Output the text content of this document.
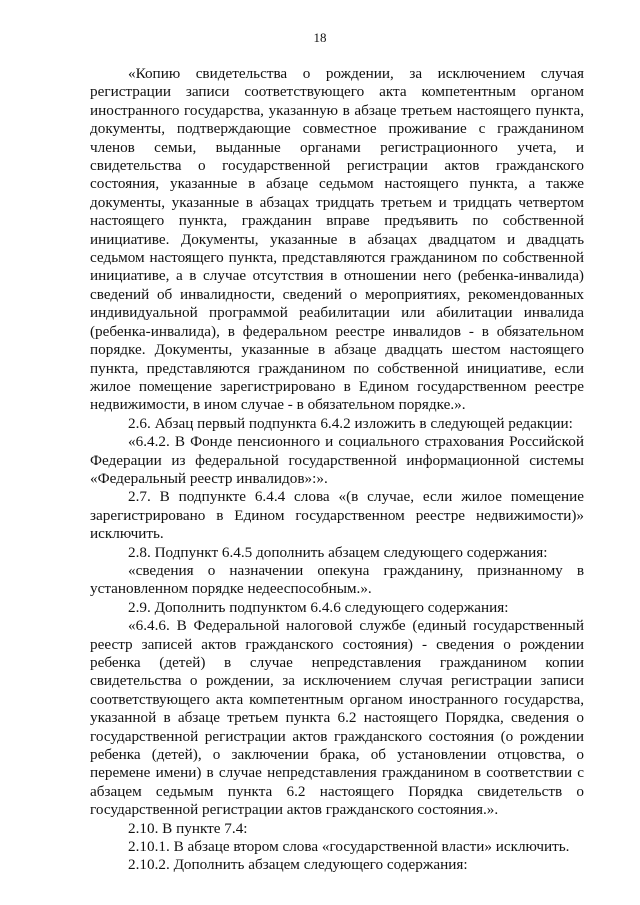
18

«Копию свидетельства о рождении, за исключением случая регистрации записи соответствующего акта компетентным органом иностранного государства, указанную в абзаце третьем настоящего пункта, документы, подтверждающие совместное проживание с гражданином членов семьи, выданные органами регистрационного учета, и свидетельства о государственной регистрации актов гражданского состояния, указанные в абзаце седьмом настоящего пункта, а также документы, указанные в абзацах тридцать третьем и тридцать четвертом настоящего пункта, гражданин вправе предъявить по собственной инициативе. Документы, указанные в абзацах двадцатом и двадцать седьмом настоящего пункта, представляются гражданином по собственной инициативе, а в случае отсутствия в отношении него (ребенка-инвалида) сведений об инвалидности, сведений о мероприятиях, рекомендованных индивидуальной программой реабилитации или абилитации инвалида (ребенка-инвалида), в федеральном реестре инвалидов - в обязательном порядке. Документы, указанные в абзаце двадцать шестом настоящего пункта, представляются гражданином по собственной инициативе, если жилое помещение зарегистрировано в Едином государственном реестре недвижимости, в ином случае - в обязательном порядке.».

2.6. Абзац первый подпункта 6.4.2 изложить в следующей редакции:

«6.4.2. В Фонде пенсионного и социального страхования Российской Федерации из федеральной государственной информационной системы «Федеральный реестр инвалидов»:».

2.7. В подпункте 6.4.4 слова «(в случае, если жилое помещение зарегистрировано в Едином государственном реестре недвижимости)» исключить.

2.8. Подпункт 6.4.5 дополнить абзацем следующего содержания:

«сведения о назначении опекуна гражданину, признанному в установленном порядке недееспособным.».

2.9. Дополнить подпунктом 6.4.6 следующего содержания:

«6.4.6. В Федеральной налоговой службе (единый государственный реестр записей актов гражданского состояния) - сведения о рождении ребенка (детей) в случае непредставления гражданином копии свидетельства о рождении, за исключением случая регистрации записи соответствующего акта компетентным органом иностранного государства, указанной в абзаце третьем пункта 6.2 настоящего Порядка, сведения о государственной регистрации актов гражданского состояния (о рождении ребенка (детей), о заключении брака, об установлении отцовства, о перемене имени) в случае непредставления гражданином в соответствии с абзацем седьмым пункта 6.2 настоящего Порядка свидетельств о государственной регистрации актов гражданского состояния.».

2.10. В пункте 7.4:

2.10.1. В абзаце втором слова «государственной власти» исключить.

2.10.2. Дополнить абзацем следующего содержания:
